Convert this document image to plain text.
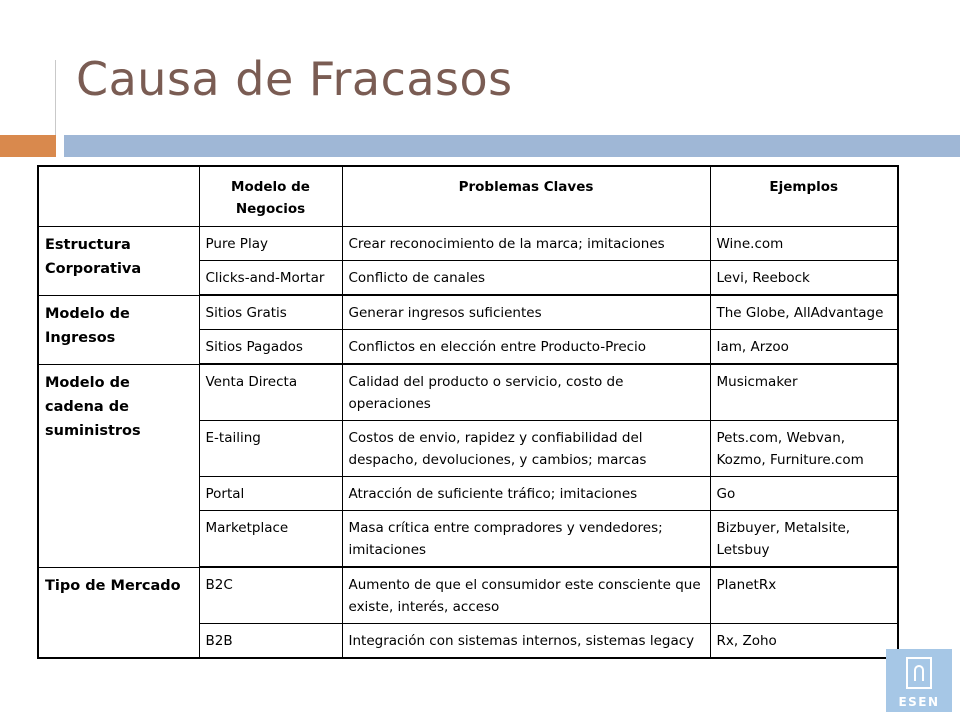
Causa de Fracasos
	Modelo de Negocios	Problemas Claves	Ejemplos
Estructura Corporativa	Pure Play	Crear reconocimiento de la marca; imitaciones	Wine.com
	Clicks-and-Mortar	Conflicto de canales	Levi, Reebock
Modelo de Ingresos	Sitios Gratis	Generar ingresos suficientes	The Globe, AllAdvantage
	Sitios Pagados	Conflictos en elección entre Producto-Precio	Iam, Arzoo
Modelo de cadena de suministros	Venta Directa	Calidad del producto o servicio, costo de operaciones	Musicmaker
	E-tailing	Costos de envio, rapidez y confiabilidad del despacho, devoluciones, y cambios; marcas	Pets.com, Webvan, Kozmo, Furniture.com
	Portal	Atracción de suficiente tráfico; imitaciones	Go
	Marketplace	Masa crítica entre compradores y vendedores; imitaciones	Bizbuyer, Metalsite, Letsbuy
Tipo de Mercado	B2C	Aumento de que el consumidor este consciente que existe, interés, acceso	PlanetRx
	B2B	Integración con sistemas internos, sistemas legacy	Rx, Zoho
ESEN
